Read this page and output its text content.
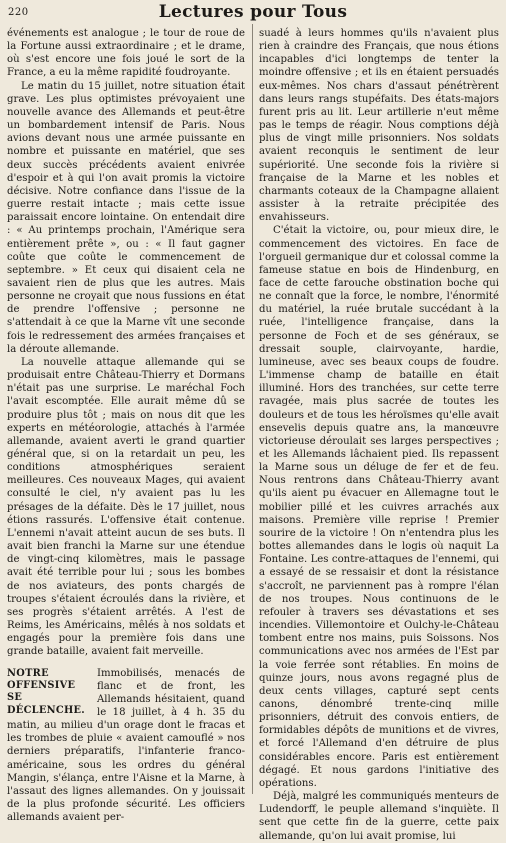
220	Lectures pour Tous

événements est analogue ; le tour de roue de la Fortune aussi extraordinaire ; et le drame, où s'est encore une fois joué le sort de la France, a eu la même rapidité foudroyante.

Le matin du 15 juillet, notre situation était grave. Les plus optimistes prévoyaient une nouvelle avance des Allemands et peut-être un bombardement intensif de Paris. Nous avions devant nous une armée puissante en nombre et puissante en matériel, que ses deux succès précédents avaient enivrée d'espoir et à qui l'on avait promis la victoire décisive. Notre confiance dans l'issue de la guerre restait intacte ; mais cette issue paraissait encore lointaine. On entendait dire : « Au printemps prochain, l'Amérique sera entièrement prête », ou : « Il faut gagner coûte que coûte le commencement de septembre. » Et ceux qui disaient cela ne savaient rien de plus que les autres. Mais personne ne croyait que nous fussions en état de prendre l'offensive ; personne ne s'attendait à ce que la Marne vît une seconde fois le redressement des armées françaises et la déroute allemande.

La nouvelle attaque allemande qui se produisait entre Château-Thierry et Dormans n'était pas une surprise. Le maréchal Foch l'avait escomptée. Elle aurait même dû se produire plus tôt ; mais on nous dit que les experts en météorologie, attachés à l'armée allemande, avaient averti le grand quartier général que, si on la retardait un peu, les conditions atmosphériques seraient meilleures. Ces nouveaux Mages, qui avaient consulté le ciel, n'y avaient pas lu les présages de la défaite. Dès le 17 juillet, nous étions rassurés. L'offensive était contenue. L'ennemi n'avait atteint aucun de ses buts. Il avait bien franchi la Marne sur une étendue de vingt-cinq kilomètres, mais le passage avait été terrible pour lui ; sous les bombes de nos aviateurs, des ponts chargés de troupes s'étaient écroulés dans la rivière, et ses progrès s'étaient arrêtés. A l'est de Reims, les Américains, mêlés à nos soldats et engagés pour la première fois dans une grande bataille, avaient fait merveille.

NOTRE OFFENSIVE SE DÉCLENCHE.

Immobilisés, menacés de flanc et de front, les Allemands hésitaient, quand le 18 juillet, à 4 h. 35 du matin, au milieu d'un orage dont le fracas et les trombes de pluie « avaient camouflé » nos derniers préparatifs, l'infanterie franco-américaine, sous les ordres du général Mangin, s'élança, entre l'Aisne et la Marne, à l'assaut des lignes allemandes. On y jouissait de la plus profonde sécurité. Les officiers allemands avaient per-

suadé à leurs hommes qu'ils n'avaient plus rien à craindre des Français, que nous étions incapables d'ici longtemps de tenter la moindre offensive ; et ils en étaient persuadés eux-mêmes. Nos chars d'assaut pénétrèrent dans leurs rangs stupéfaits. Des états-majors furent pris au lit. Leur artillerie n'eut même pas le temps de réagir. Nous comptions déjà plus de vingt mille prisonniers. Nos soldats avaient reconquis le sentiment de leur supériorité. Une seconde fois la rivière si française de la Marne et les nobles et charmants coteaux de la Champagne allaient assister à la retraite précipitée des envahisseurs.

C'était la victoire, ou, pour mieux dire, le commencement des victoires. En face de l'orgueil germanique dur et colossal comme la fameuse statue en bois de Hindenburg, en face de cette farouche obstination boche qui ne connaît que la force, le nombre, l'énormité du matériel, la ruée brutale succédant à la ruée, l'intelligence française, dans la personne de Foch et de ses généraux, se dressait souple, clairvoyante, hardie, lumineuse, avec ses beaux coups de foudre. L'immense champ de bataille en était illuminé. Hors des tranchées, sur cette terre ravagée, mais plus sacrée de toutes les douleurs et de tous les héroïsmes qu'elle avait ensevelis depuis quatre ans, la manœuvre victorieuse déroulait ses larges perspectives ; et les Allemands lâchaient pied. Ils repassent la Marne sous un déluge de fer et de feu. Nous rentrons dans Château-Thierry avant qu'ils aient pu évacuer en Allemagne tout le mobilier pillé et les cuivres arrachés aux maisons. Première ville reprise ! Premier sourire de la victoire ! On n'entendra plus les bottes allemandes dans le logis où naquit La Fontaine. Les contre-attaques de l'ennemi, qui a essayé de se ressaisir et dont la résistance s'accroît, ne parviennent pas à rompre l'élan de nos troupes. Nous continuons de le refouler à travers ses dévastations et ses incendies. Villemontoire et Oulchy-le-Château tombent entre nos mains, puis Soissons. Nos communications avec nos armées de l'Est par la voie ferrée sont rétablies. En moins de quinze jours, nous avons regagné plus de deux cents villages, capturé sept cents canons, dénombré trente-cinq mille prisonniers, détruit des convois entiers, de formidables dépôts de munitions et de vivres, et forcé l'Allemand d'en détruire de plus considérables encore. Paris est entièrement dégagé. Et nous gardons l'initiative des opérations.

Déjà, malgré les communiqués menteurs de Ludendorff, le peuple allemand s'inquiète. Il sent que cette fin de la guerre, cette paix allemande, qu'on lui avait promise, lui
